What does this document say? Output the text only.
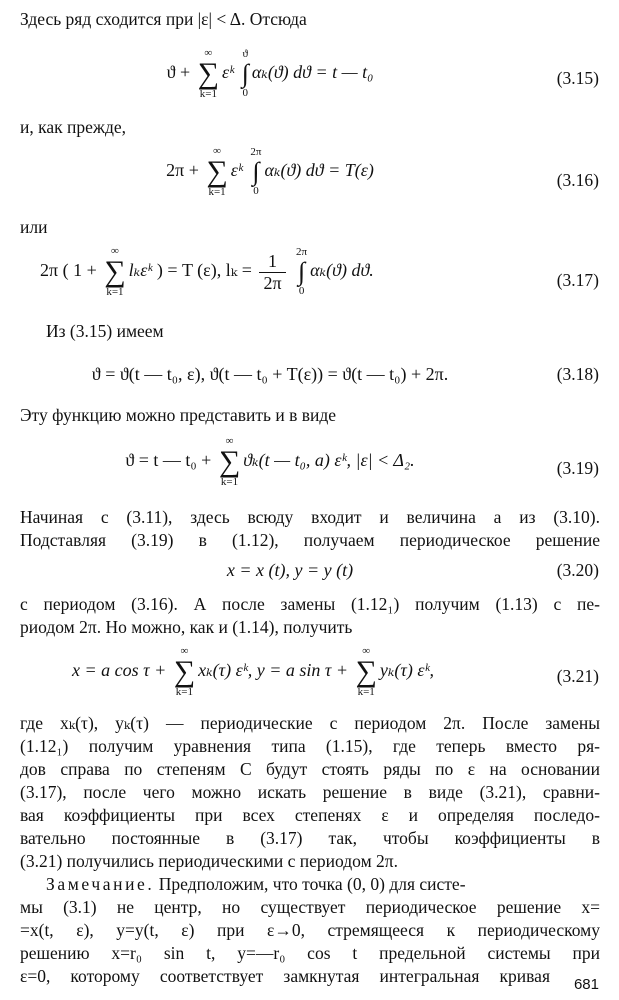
Здесь ряд сходится при |ε| < Δ. Отсюда
ϑ +
∞
∑
k=1
εᵏ
ϑ
∫
0
αₖ(ϑ) dϑ = t — t₀	(3.15)
и, как прежде,
2π +
∞
∑
k=1
εᵏ
2π
∫
0
αₖ(ϑ) dϑ = T(ε)	(3.16)
или
2π ( 1 +
∞
∑
k=1
lₖεᵏ ) = T (ε), $l_k = \frac{1}{2\pi}$
2π
∫
0
αₖ(ϑ) dϑ.	(3.17)
Из (3.15) имеем
ϑ = ϑ(t — t₀, ε), ϑ(t — t₀ + T(ε)) = ϑ(t — t₀) + 2π.	(3.18)
Эту функцию можно представить и в виде
ϑ = t — t₀ +
∞
∑
k=1
ϑₖ(t — t₀, a) εᵏ, |ε| < Δ₂.	(3.19)
Начиная с (3.11), здесь всюду входит и величина a из (3.10).
Подставляя (3.19) в (1.12), получаем периодическое решение
x = x (t), y = y (t)	(3.20)
с периодом (3.16). А после замены (1.12₁) получим (1.13) с пе-
риодом 2π. Но можно, как и (1.14), получить
x = a cos τ +
∞
∑
k=1
xₖ(τ) εᵏ, y = a sin τ +
∞
∑
k=1
yₖ(τ) εᵏ,	(3.21)
где xₖ(τ), yₖ(τ) — периодические с периодом 2π. После замены
(1.12₁) получим уравнения типа (1.15), где теперь вместо ря-
дов справа по степеням C будут стоять ряды по ε на основании
(3.17), после чего можно искать решение в виде (3.21), сравни-
вая коэффициенты при всех степенях ε и определяя последо-
вательно постоянные в (3.17) так, чтобы коэффициенты в
(3.21) получились периодическими с периодом 2π.
Замечание. Предположим, что точка (0, 0) для систе-
мы (3.1) не центр, но существует периодическое решение x=
=x(t, ε), y=y(t, ε) при ε→0, стремящееся к периодическому
решению x=r₀ sin t, y=—r₀ cos t предельной системы при
ε=0, которому соответствует замкнутая интегральная кривая 681
